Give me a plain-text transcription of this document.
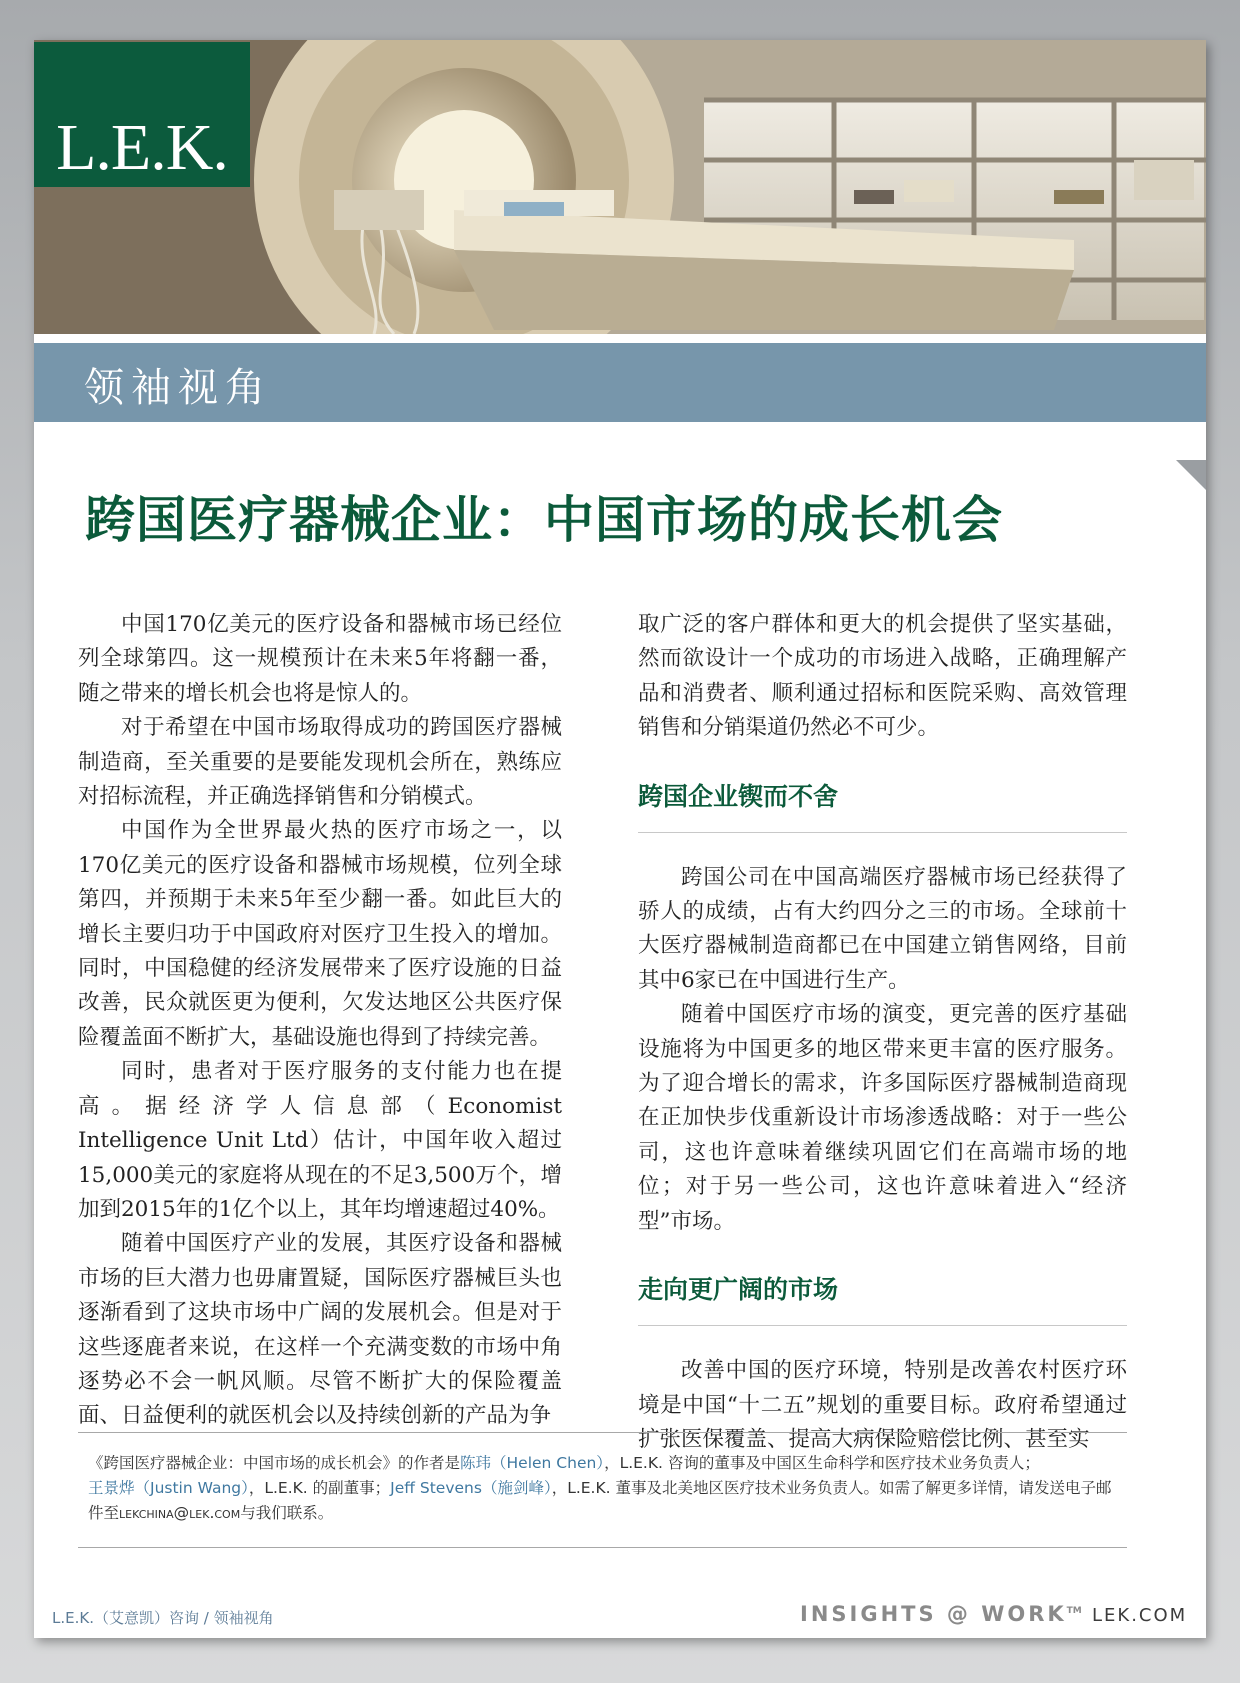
L.E.K.
领袖视角
跨国医疗器械企业：中国市场的成长机会

中国170亿美元的医疗设备和器械市场已经位列全球第四。这一规模预计在未来5年将翻一番，随之带来的增长机会也将是惊人的。

对于希望在中国市场取得成功的跨国医疗器械制造商，至关重要的是要能发现机会所在，熟练应对招标流程，并正确选择销售和分销模式。

中国作为全世界最火热的医疗市场之一，以170亿美元的医疗设备和器械市场规模，位列全球第四，并预期于未来5年至少翻一番。如此巨大的增长主要归功于中国政府对医疗卫生投入的增加。同时，中国稳健的经济发展带来了医疗设施的日益改善，民众就医更为便利，欠发达地区公共医疗保险覆盖面不断扩大，基础设施也得到了持续完善。

同时，患者对于医疗服务的支付能力也在提高。据经济学人信息部（Economist Intelligence Unit Ltd）估计，中国年收入超过15,000美元的家庭将从现在的不足3,500万个，增加到2015年的1亿个以上，其年均增速超过40%。

随着中国医疗产业的发展，其医疗设备和器械市场的巨大潜力也毋庸置疑，国际医疗器械巨头也逐渐看到了这块市场中广阔的发展机会。但是对于这些逐鹿者来说，在这样一个充满变数的市场中角逐势必不会一帆风顺。尽管不断扩大的保险覆盖面、日益便利的就医机会以及持续创新的产品为争

取广泛的客户群体和更大的机会提供了坚实基础，然而欲设计一个成功的市场进入战略，正确理解产品和消费者、顺利通过招标和医院采购、高效管理销售和分销渠道仍然必不可少。

跨国企业锲而不舍

跨国公司在中国高端医疗器械市场已经获得了骄人的成绩，占有大约四分之三的市场。全球前十大医疗器械制造商都已在中国建立销售网络，目前其中6家已在中国进行生产。

随着中国医疗市场的演变，更完善的医疗基础设施将为中国更多的地区带来更丰富的医疗服务。为了迎合增长的需求，许多国际医疗器械制造商现在正加快步伐重新设计市场渗透战略：对于一些公司，这也许意味着继续巩固它们在高端市场的地位；对于另一些公司，这也许意味着进入“经济型”市场。

走向更广阔的市场

改善中国的医疗环境，特别是改善农村医疗环境是中国“十二五”规划的重要目标。政府希望通过扩张医保覆盖、提高大病保险赔偿比例、甚至实

《跨国医疗器械企业：中国市场的成长机会》的作者是陈玮（Helen Chen），L.E.K. 咨询的董事及中国区生命科学和医疗技术业务负责人；
王景烨（Justin Wang），L.E.K. 的副董事；Jeff Stevens（施剑峰），L.E.K. 董事及北美地区医疗技术业务负责人。如需了解更多详情，请发送电子邮件至lekchina@lek.com与我们联系。
L.E.K.（艾意凯）咨询 / 领袖视角	INSIGHTS @ WORK™ LEK.COM
